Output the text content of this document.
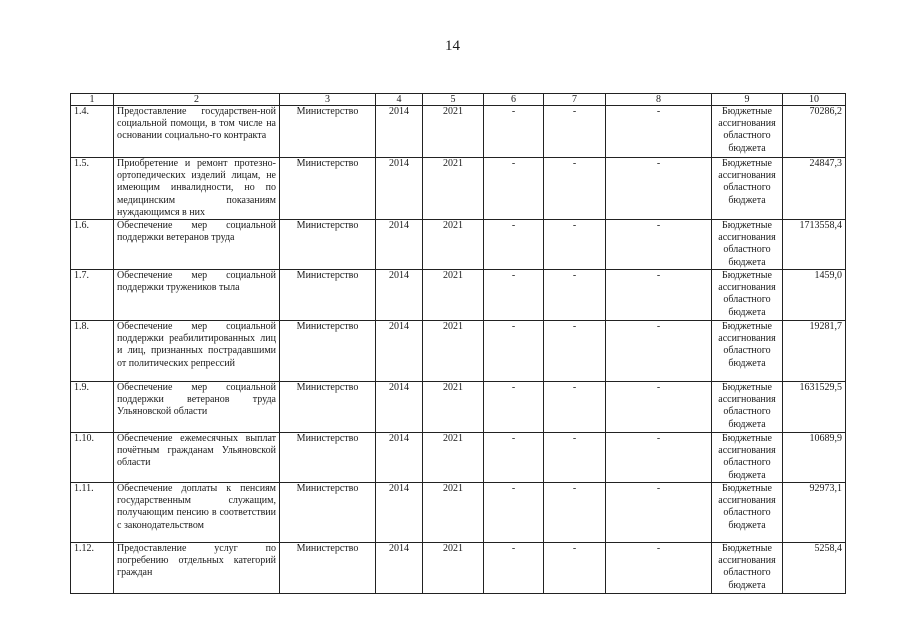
14
1	2	3	4	5	6	7	8	9	10
1.4.	Предоставление государствен-ной социальной помощи, в том числе на основании социально-го контракта	Министерство	2014	2021	-	-	-	Бюджетные ассигнования областного бюджета	70286,2
1.5.	Приобретение и ремонт протезно-ортопедических изделий лицам, не имеющим инвалидности, но по медицинским показаниям нуждающимся в них	Министерство	2014	2021	-	-	-	Бюджетные ассигнования областного бюджета	24847,3
1.6.	Обеспечение мер социальной поддержки ветеранов труда	Министерство	2014	2021	-	-	-	Бюджетные ассигнования областного бюджета	1713558,4
1.7.	Обеспечение мер социальной поддержки тружеников тыла	Министерство	2014	2021	-	-	-	Бюджетные ассигнования областного бюджета	1459,0
1.8.	Обеспечение мер социальной поддержки реабилитированных лиц и лиц, признанных пострадавшими от политических репрессий	Министерство	2014	2021	-	-	-	Бюджетные ассигнования областного бюджета	19281,7
1.9.	Обеспечение мер социальной поддержки ветеранов труда Ульяновской области	Министерство	2014	2021	-	-	-	Бюджетные ассигнования областного бюджета	1631529,5
1.10.	Обеспечение ежемесячных выплат почётным гражданам Ульяновской области	Министерство	2014	2021	-	-	-	Бюджетные ассигнования областного бюджета	10689,9
1.11.	Обеспечение доплаты к пенсиям государственным служащим, получающим пенсию в соответствии с законодательством	Министерство	2014	2021	-	-	-	Бюджетные ассигнования областного бюджета	92973,1
1.12.	Предоставление услуг по погребению отдельных категорий граждан	Министерство	2014	2021	-	-	-	Бюджетные ассигнования областного бюджета	5258,4
